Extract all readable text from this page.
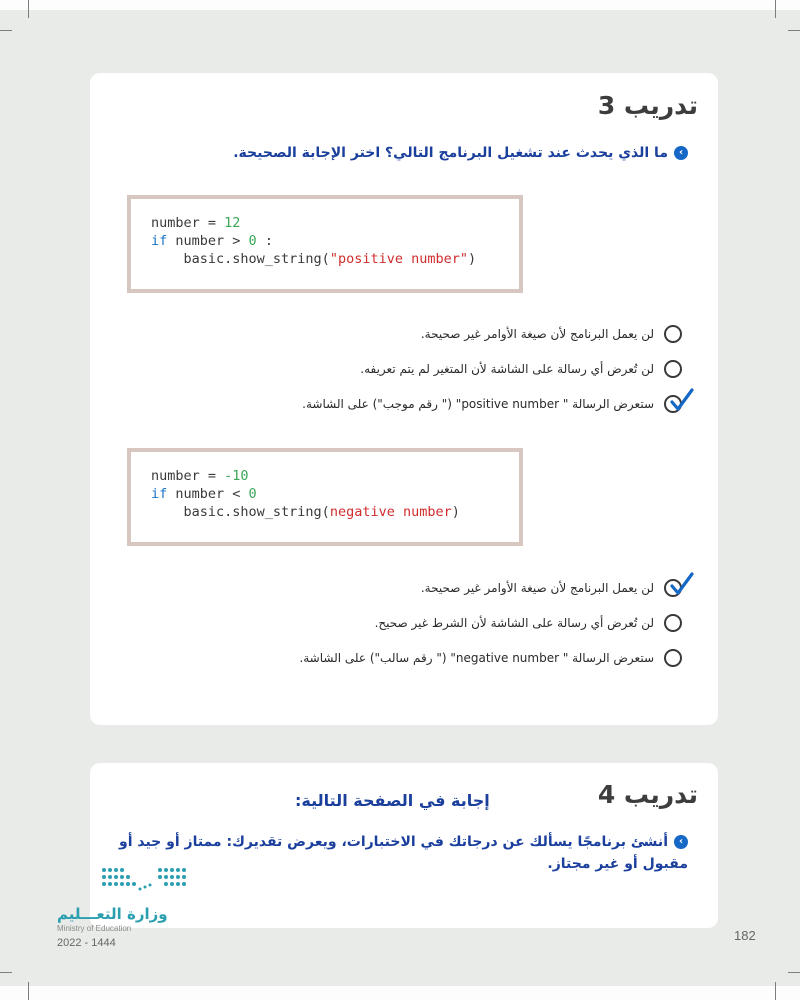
تدريب 3
›ما الذي يحدث عند تشغيل البرنامج التالي؟ اختر الإجابة الصحيحة.
number = 12
if number > 0 :
basic.show_string("positive number")
لن يعمل البرنامج لأن صيغة الأوامر غير صحيحة.
لن تُعرض أي رسالة على الشاشة لأن المتغير لم يتم تعريفه.
ستعرض الرسالة " positive number" (" رقم موجب") على الشاشة.
number = -10
if number < 0
basic.show_string(negative number)
لن يعمل البرنامج لأن صيغة الأوامر غير صحيحة.
لن تُعرض أي رسالة على الشاشة لأن الشرط غير صحيح.
ستعرض الرسالة " negative number" (" رقم سالب") على الشاشة.
تدريب 4
إجابة في الصفحة التالية:
›أنشئ برنامجًا يسألك عن درجاتك في الاختبارات، ويعرض تقديرك: ممتاز أو جيد أو مقبول أو غير مجتاز.
وزارة التعـــليم
Ministry of Education
2022 - 1444	182
